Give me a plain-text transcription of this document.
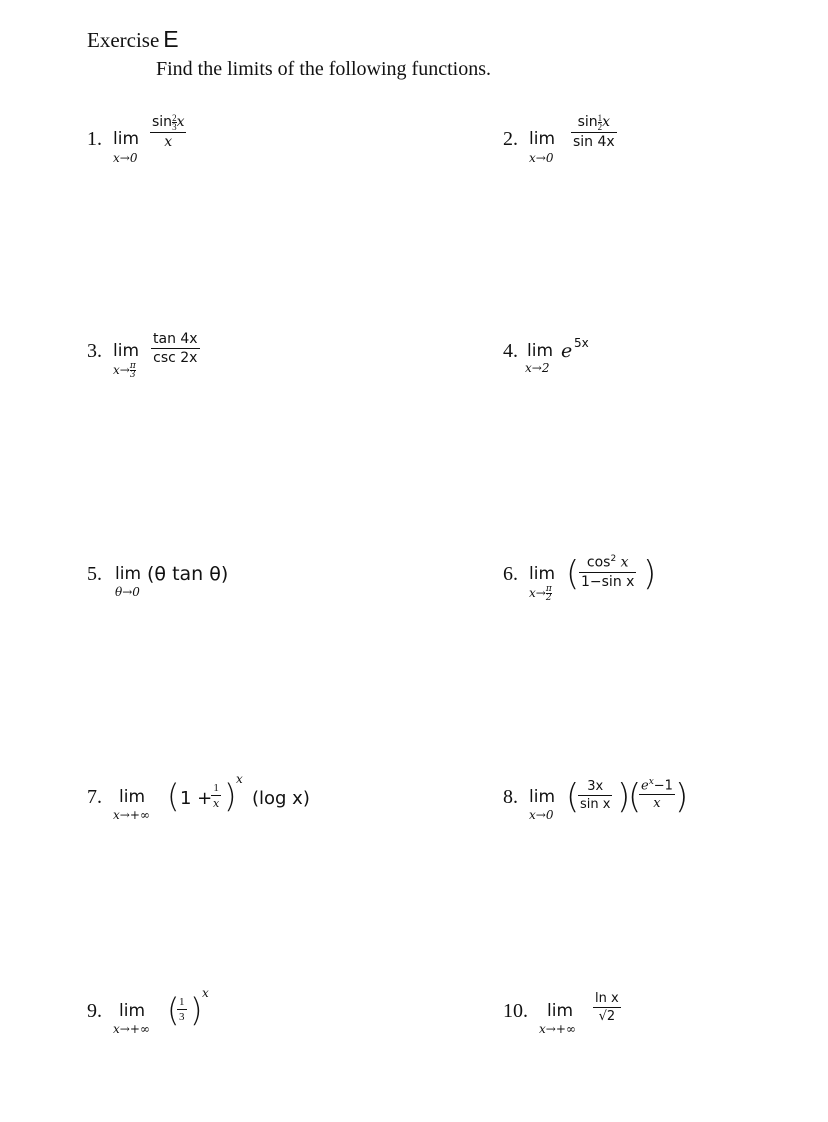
Exercise E
Find the limits of the following functions.
1. lim
x→0
$\sin \frac{2}{3}$ x
x	2. lim
x→0
$\sin \frac{1}{2}$ x
sin 4x
3. lim
$x\to \frac{\pi}{3}$
tan 4x
csc 2x	4. lim
x→2
e 5x
5. lim
θ→0
(θ tan θ)	6. lim
$x\to \frac{\pi}{2}$ ( $\cos^2 x$
1−sin x )
7. lim
x→+∞ ( 1 + 1
x ) x
(log x)	8. lim
x→0 ( 3x
sin x )
( $e^x-1$
x )
9. lim
x→+∞ ( 1
3 ) x
10. lim
x→+∞
ln x
√2
